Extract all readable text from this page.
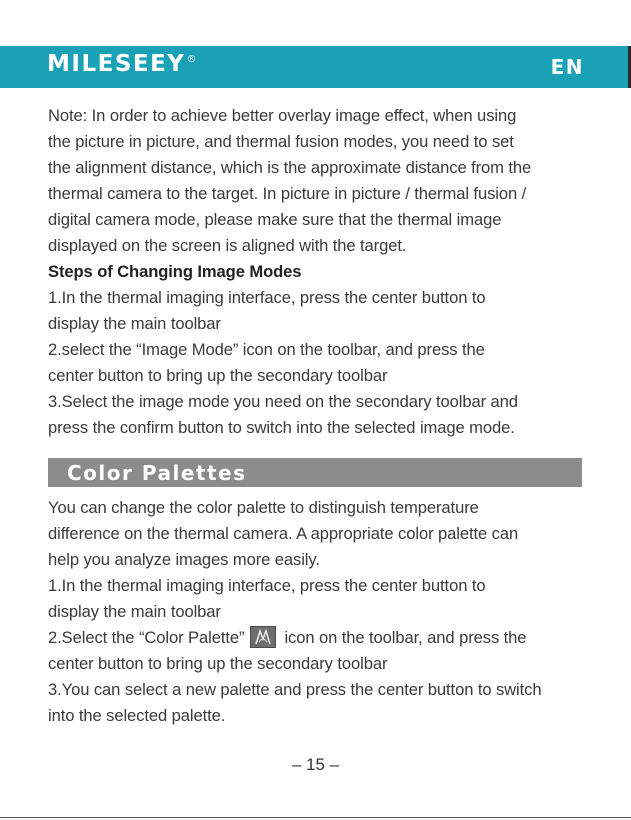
MILESEEY®	EN
Note: In order to achieve better overlay image effect, when using
the picture in picture, and thermal fusion modes, you need to set
the alignment distance, which is the approximate distance from the
thermal camera to the target. In picture in picture / thermal fusion /
digital camera mode, please make sure that the thermal image
displayed on the screen is aligned with the target.
Steps of Changing Image Modes
1.In the thermal imaging interface, press the center button to
display the main toolbar
2.select the “Image Mode” icon on the toolbar, and press the
center button to bring up the secondary toolbar
3.Select the image mode you need on the secondary toolbar and
press the confirm button to switch into the selected image mode.
Color Palettes
You can change the color palette to distinguish temperature
difference on the thermal camera. A appropriate color palette can
help you analyze images more easily.
1.In the thermal imaging interface, press the center button to
display the main toolbar
2.Select the “Color Palette” icon on the toolbar, and press the
center button to bring up the secondary toolbar
3.You can select a new palette and press the center button to switch
into the selected palette.
– 15 –
